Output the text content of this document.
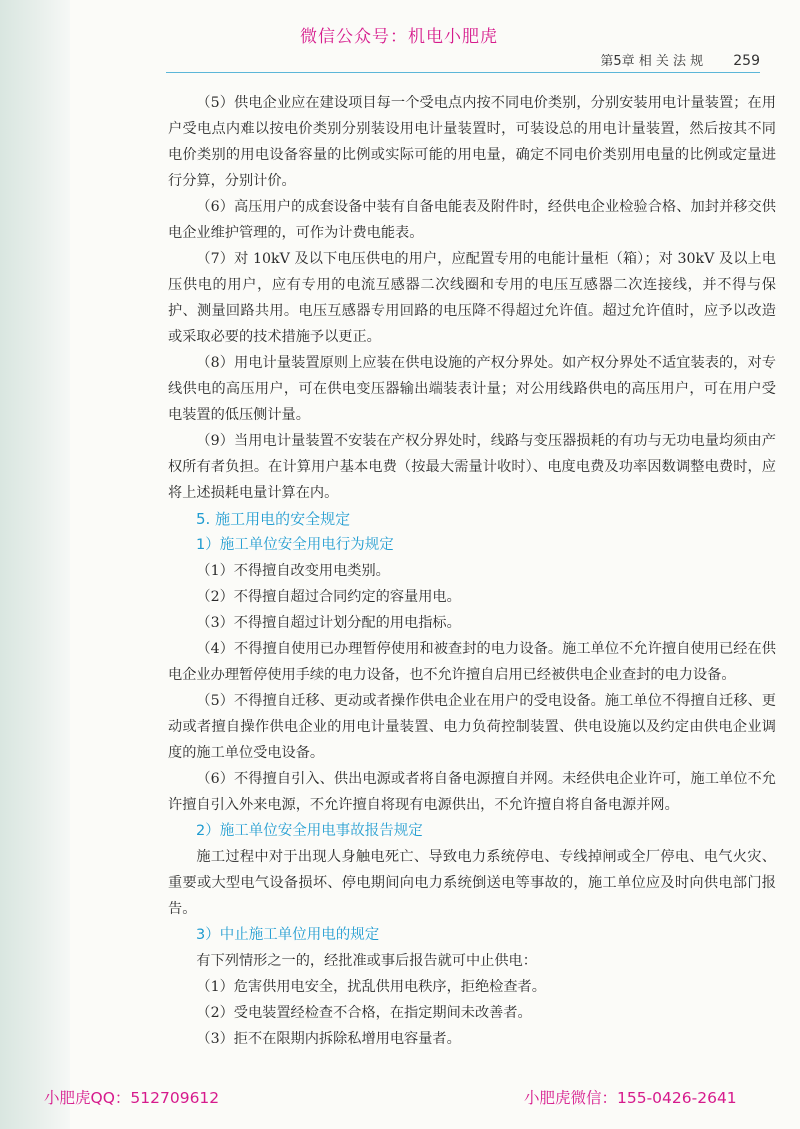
微信公众号：机电小肥虎
第5章 相 关 法 规 259

（5）供电企业应在建设项目每一个受电点内按不同电价类别，分别安装用电计量装置；在用户受电点内难以按电价类别分别装设用电计量装置时，可装设总的用电计量装置，然后按其不同电价类别的用电设备容量的比例或实际可能的用电量，确定不同电价类别用电量的比例或定量进行分算，分别计价。

（6）高压用户的成套设备中装有自备电能表及附件时，经供电企业检验合格、加封并移交供电企业维护管理的，可作为计费电能表。

（7）对 10kV 及以下电压供电的用户，应配置专用的电能计量柜（箱）；对 30kV 及以上电压供电的用户，应有专用的电流互感器二次线圈和专用的电压互感器二次连接线，并不得与保护、测量回路共用。电压互感器专用回路的电压降不得超过允许值。超过允许值时，应予以改造或采取必要的技术措施予以更正。

（8）用电计量装置原则上应装在供电设施的产权分界处。如产权分界处不适宜装表的，对专线供电的高压用户，可在供电变压器输出端装表计量；对公用线路供电的高压用户，可在用户受电装置的低压侧计量。

（9）当用电计量装置不安装在产权分界处时，线路与变压器损耗的有功与无功电量均须由产权所有者负担。在计算用户基本电费（按最大需量计收时）、电度电费及功率因数调整电费时，应将上述损耗电量计算在内。

5. 施工用电的安全规定
1）施工单位安全用电行为规定

（1）不得擅自改变用电类别。

（2）不得擅自超过合同约定的容量用电。

（3）不得擅自超过计划分配的用电指标。

（4）不得擅自使用已办理暂停使用和被查封的电力设备。施工单位不允许擅自使用已经在供电企业办理暂停使用手续的电力设备，也不允许擅自启用已经被供电企业查封的电力设备。

（5）不得擅自迁移、更动或者操作供电企业在用户的受电设备。施工单位不得擅自迁移、更动或者擅自操作供电企业的用电计量装置、电力负荷控制装置、供电设施以及约定由供电企业调度的施工单位受电设备。

（6）不得擅自引入、供出电源或者将自备电源擅自并网。未经供电企业许可，施工单位不允许擅自引入外来电源，不允许擅自将现有电源供出，不允许擅自将自备电源并网。

2）施工单位安全用电事故报告规定

施工过程中对于出现人身触电死亡、导致电力系统停电、专线掉闸或全厂停电、电气火灾、重要或大型电气设备损坏、停电期间向电力系统倒送电等事故的，施工单位应及时向供电部门报告。

3）中止施工单位用电的规定

有下列情形之一的，经批准或事后报告就可中止供电：

（1）危害供用电安全，扰乱供用电秩序，拒绝检查者。

（2）受电装置经检查不合格，在指定期间未改善者。

（3）拒不在限期内拆除私增用电容量者。

小肥虎QQ：512709612	小肥虎微信：155-0426-2641
